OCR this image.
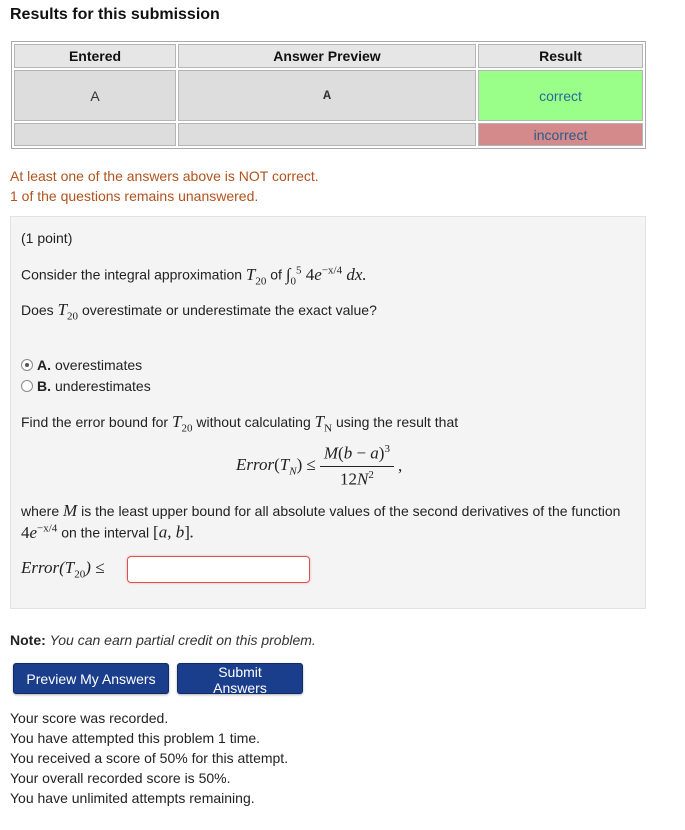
Results for this submission
Entered	Answer Preview	Result
A	A	correct
		incorrect
At least one of the answers above is NOT correct.
1 of the questions remains unanswered.
(1 point)
Consider the integral approximation $T_{20}$ of $\int_0^5$ $4e^{-x/4}$ dx.
Does $T_{20}$ overestimate or underestimate the exact value?
A. overestimates
B. underestimates
Find the error bound for $T_{20}$ without calculating $T_N$ using the result that
$Error(T_N) \le \frac{M(b - a)^3}{12N^2}$ ,
where M is the least upper bound for all absolute values of the second derivatives of the function
$4e^{-x/4}$ on the interval [a, b].
$Error(T_{20})$ ≤
Note: You can earn partial credit on this problem.
Preview My Answers	Submit Answers
Your score was recorded.
You have attempted this problem 1 time.
You received a score of 50% for this attempt.
Your overall recorded score is 50%.
You have unlimited attempts remaining.
